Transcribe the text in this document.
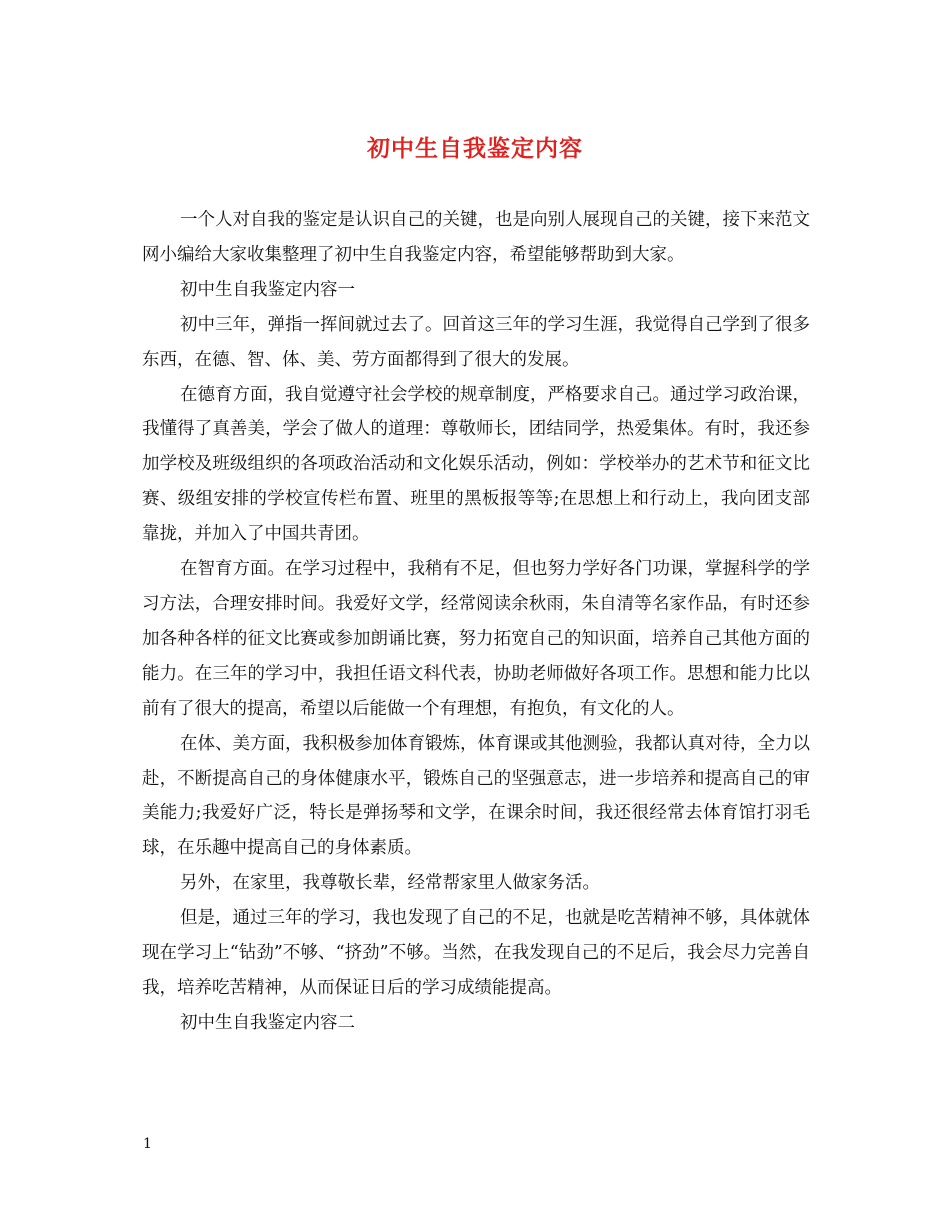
初中生自我鉴定内容

一个人对自我的鉴定是认识自己的关键，也是向别人展现自己的关键，接下来范文网小编给大家收集整理了初中生自我鉴定内容，希望能够帮助到大家。

初中生自我鉴定内容一

初中三年，弹指一挥间就过去了。回首这三年的学习生涯，我觉得自己学到了很多东西，在德、智、体、美、劳方面都得到了很大的发展。

在德育方面，我自觉遵守社会学校的规章制度，严格要求自己。通过学习政治课，我懂得了真善美，学会了做人的道理：尊敬师长，团结同学，热爱集体。有时，我还参加学校及班级组织的各项政治活动和文化娱乐活动，例如：学校举办的艺术节和征文比赛、级组安排的学校宣传栏布置、班里的黑板报等等;在思想上和行动上，我向团支部靠拢，并加入了中国共青团。

在智育方面。在学习过程中，我稍有不足，但也努力学好各门功课，掌握科学的学习方法，合理安排时间。我爱好文学，经常阅读余秋雨，朱自清等名家作品，有时还参加各种各样的征文比赛或参加朗诵比赛，努力拓宽自己的知识面，培养自己其他方面的能力。在三年的学习中，我担任语文科代表，协助老师做好各项工作。思想和能力比以前有了很大的提高，希望以后能做一个有理想，有抱负，有文化的人。

在体、美方面，我积极参加体育锻炼，体育课或其他测验，我都认真对待，全力以赴，不断提高自己的身体健康水平，锻炼自己的坚强意志，进一步培养和提高自己的审美能力;我爱好广泛，特长是弹扬琴和文学，在课余时间，我还很经常去体育馆打羽毛球，在乐趣中提高自己的身体素质。

另外，在家里，我尊敬长辈，经常帮家里人做家务活。

但是，通过三年的学习，我也发现了自己的不足，也就是吃苦精神不够，具体就体现在学习上“钻劲”不够、“挤劲”不够。当然，在我发现自己的不足后，我会尽力完善自我，培养吃苦精神，从而保证日后的学习成绩能提高。

初中生自我鉴定内容二

1
